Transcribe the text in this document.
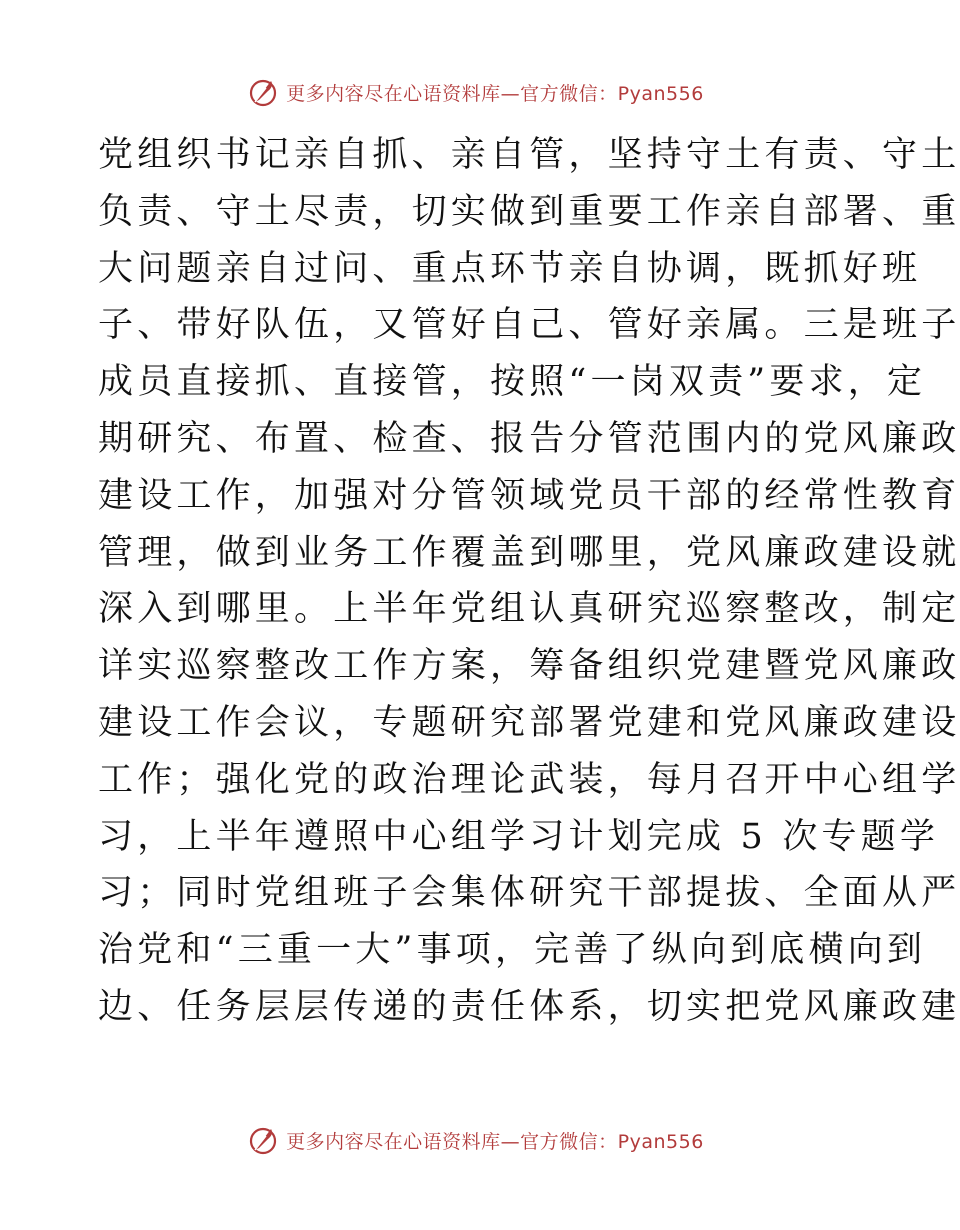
更多内容尽在心语资料库—官方微信：Pyan556
党组织书记亲自抓、亲自管，坚持守土有责、守土
负责、守土尽责，切实做到重要工作亲自部署、重
大问题亲自过问、重点环节亲自协调，既抓好班
子、带好队伍，又管好自己、管好亲属。三是班子
成员直接抓、直接管，按照“一岗双责”要求，定
期研究、布置、检查、报告分管范围内的党风廉政
建设工作，加强对分管领域党员干部的经常性教育
管理，做到业务工作覆盖到哪里，党风廉政建设就
深入到哪里。上半年党组认真研究巡察整改，制定
详实巡察整改工作方案，筹备组织党建暨党风廉政
建设工作会议，专题研究部署党建和党风廉政建设
工作；强化党的政治理论武装，每月召开中心组学
习，上半年遵照中心组学习计划完成 5 次专题学
习；同时党组班子会集体研究干部提拔、全面从严
治党和“三重一大”事项，完善了纵向到底横向到
边、任务层层传递的责任体系，切实把党风廉政建
更多内容尽在心语资料库—官方微信：Pyan556
